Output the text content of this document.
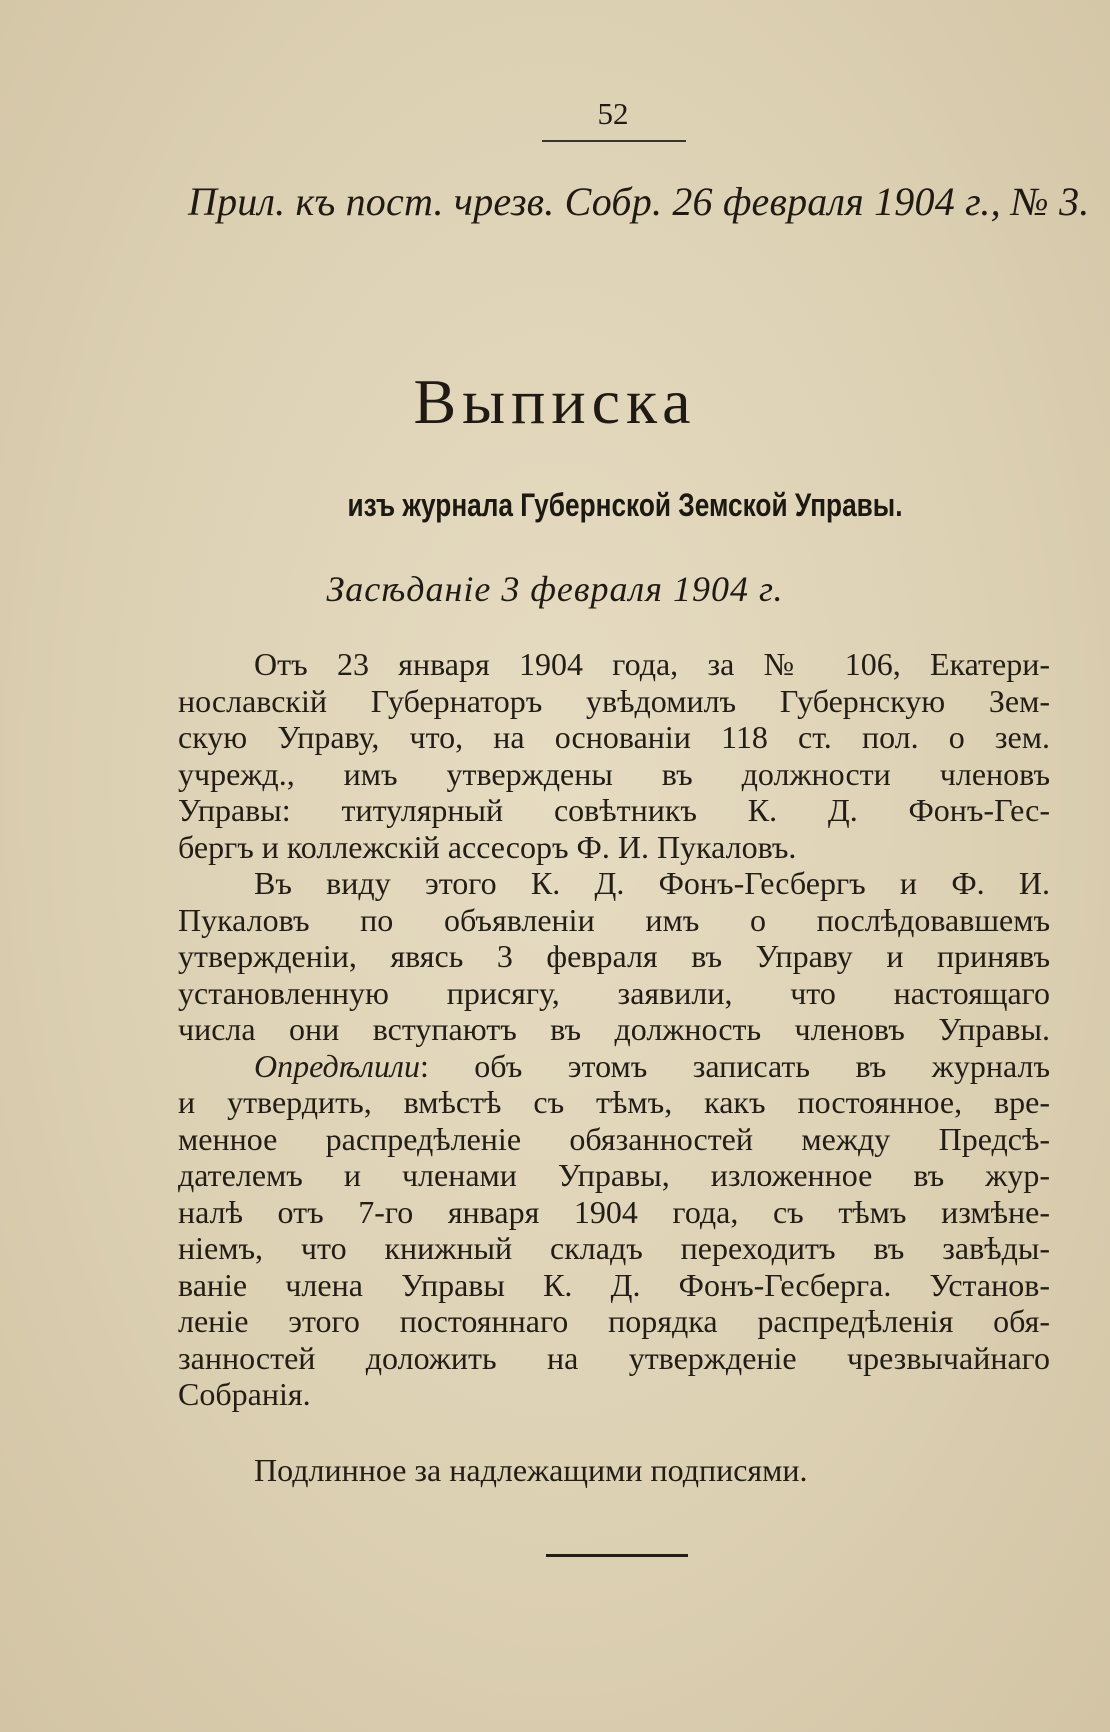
52
Прил. къ пост. чрезв. Собр. 26 февраля 1904 г., № 3.
Выписка
изъ журнала Губернской Земской Управы.
Засѣданіе 3 февраля 1904 г.
Отъ 23 января 1904 года, за № 106, Екатери-
нославскій Губернаторъ увѣдомилъ Губернскую Зем-
скую Управу, что, на основаніи 118 ст. пол. о зем.
учрежд., имъ утверждены въ должности членовъ
Управы: титулярный совѣтникъ К. Д. Фонъ-Гес-
бергъ и коллежскій ассесоръ Ф. И. Пукаловъ.
Въ виду этого К. Д. Фонъ-Гесбергъ и Ф. И.
Пукаловъ по объявленіи имъ о послѣдовавшемъ
утвержденіи, явясь 3 февраля въ Управу и принявъ
установленную присягу, заявили, что настоящаго
числа они вступаютъ въ должность членовъ Управы.
Опредѣлили: объ этомъ записать въ журналъ
и утвердить, вмѣстѣ съ тѣмъ, какъ постоянное, вре-
менное распредѣленіе обязанностей между Предсѣ-
дателемъ и членами Управы, изложенное въ жур-
налѣ отъ 7-го января 1904 года, съ тѣмъ измѣне-
ніемъ, что книжный складъ переходитъ въ завѣды-
ваніе члена Управы К. Д. Фонъ-Гесберга. Установ-
леніе этого постояннаго порядка распредѣленія обя-
занностей доложить на утвержденіе чрезвычайнаго
Собранія.
Подлинное за надлежащими подписями.
